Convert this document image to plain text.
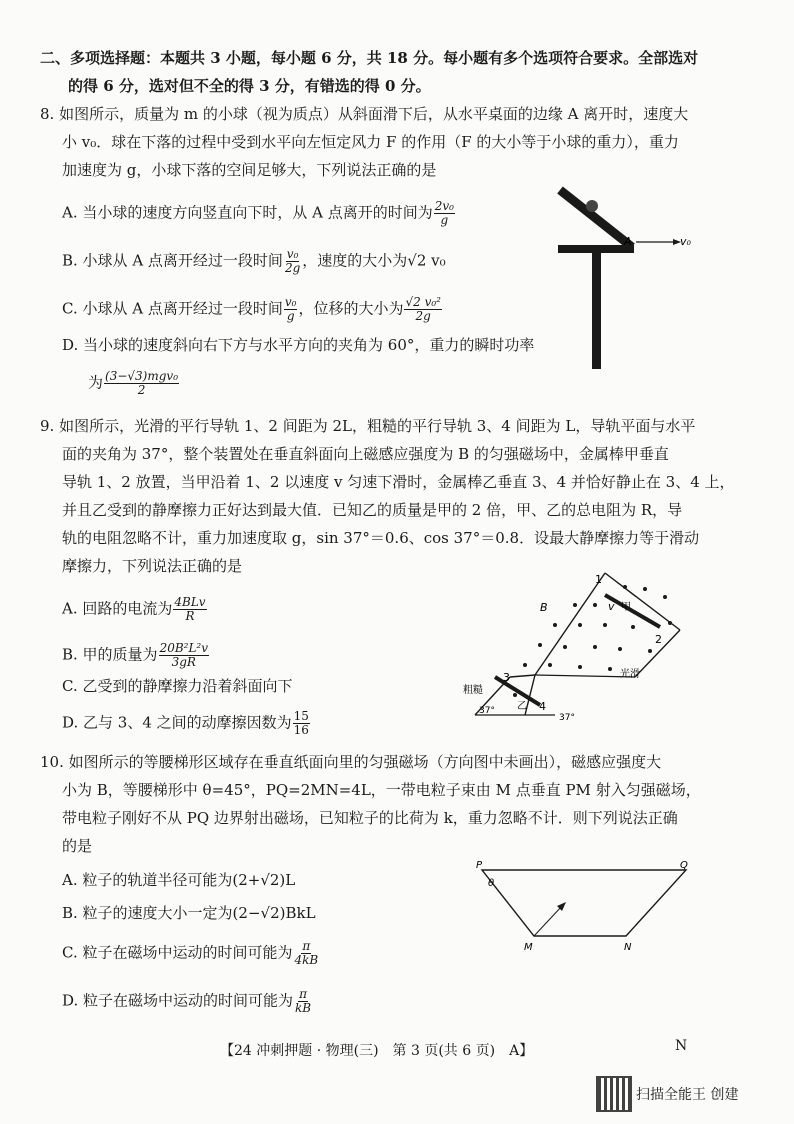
二、多项选择题：本题共 3 小题，每小题 6 分，共 18 分。每小题有多个选项符合要求。全部选对
的得 6 分，选对但不全的得 3 分，有错选的得 0 分。
8. 如图所示，质量为 m 的小球（视为质点）从斜面滑下后，从水平桌面的边缘 A 离开时，速度大
小 v₀．球在下落的过程中受到水平向左恒定风力 F 的作用（F 的大小等于小球的重力），重力
加速度为 g，小球下落的空间足够大，下列说法正确的是
A. 当小球的速度方向竖直向下时，从 A 点离开的时间为 $\frac{\text{2v₀}}{g}$
B. 小球从 A 点离开经过一段时间 $\frac{\text{v₀}}{2g}$ ，速度的大小为√2 v₀
C. 小球从 A 点离开经过一段时间 $\frac{\text{v₀}}{g}$ ，位移的大小为 $\frac{\text{√2 v₀²}}{2g}$
D. 当小球的速度斜向右下方与水平方向的夹角为 60°，重力的瞬时功率
为 $\frac{\text{(3−√3)mgv₀}}{2}$
A	v₀
9. 如图所示，光滑的平行导轨 1、2 间距为 2L，粗糙的平行导轨 3、4 间距为 L，导轨平面与水平
面的夹角为 37°，整个装置处在垂直斜面向上磁感应强度为 B 的匀强磁场中，金属棒甲垂直
导轨 1、2 放置，当甲沿着 1、2 以速度 v 匀速下滑时，金属棒乙垂直 3、4 并恰好静止在 3、4 上，
并且乙受到的静摩擦力正好达到最大值．已知乙的质量是甲的 2 倍，甲、乙的总电阻为 R，导
轨的电阻忽略不计，重力加速度取 g，sin 37°＝0.6、cos 37°＝0.8．设最大静摩擦力等于滑动
摩擦力，下列说法正确的是
A. 回路的电流为 $\frac{\text{4BLv}}{R}$
B. 甲的质量为 $\frac{\text{20B²L²v}}{3gR}$
C. 乙受到的静摩擦力沿着斜面向下
D. 乙与 3、4 之间的动摩擦因数为 $\frac{15}{16}$
1
2
3
4
B	v 甲
乙
光滑
粗糙
37°
37°
10. 如图所示的等腰梯形区域存在垂直纸面向里的匀强磁场（方向图中未画出），磁感应强度大
小为 B，等腰梯形中 θ=45°，PQ=2MN=4L，一带电粒子束由 M 点垂直 PM 射入匀强磁场，
带电粒子刚好不从 PQ 边界射出磁场，已知粒子的比荷为 k，重力忽略不计．则下列说法正确
的是
A. 粒子的轨道半径可能为(2+√2)L
B. 粒子的速度大小一定为(2−√2)BkL
C. 粒子在磁场中运动的时间可能为 $\frac{\pi}{4kB}$
D. 粒子在磁场中运动的时间可能为 $\frac{\pi}{kB}$
P	Q
M	N
θ
【24 冲刺押题 · 物理(三)　第 3 页(共 6 页)　A】	N
扫描全能王 创建
